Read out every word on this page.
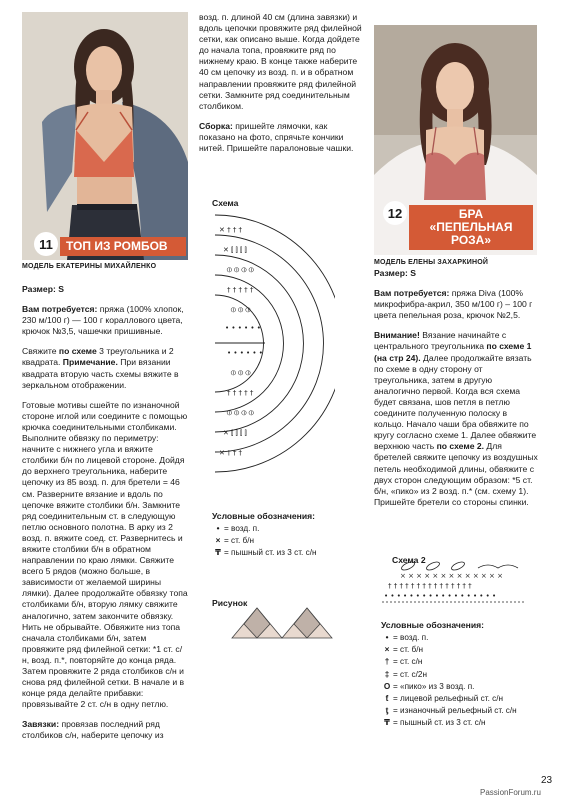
11	ТОП ИЗ РОМБОВ
МОДЕЛЬ ЕКАТЕРИНЫ МИХАЙЛЕНКО

Размер: S

Вам потребуется: пряжа (100% хлопок, 230 м/100 г) — 100 г кораллового цвета, крючок №3,5, чашечки пришивные.

Свяжите по схеме 3 треугольника и 2 квадрата. Примечание. При вязании квадрата вторую часть схемы вяжите в зеркальном отображении.

Готовые мотивы сшейте по изнаночной стороне иглой или соедините с помощью крючка соединительными столбиками. Выполните обвязку по периметру: начните с нижнего угла и вяжите столбики б/н по лицевой стороне. Дойдя до верхнего треугольника, наберите цепочку из 85 возд. п. для бретели = 46 см. Разверните вязание и вдоль по цепочке вяжите столбики б/н. Замкните ряд соединительным ст. в следующую петлю основного полотна. В арку из 2 возд. п. вяжите соед. ст. Развернитесь и вяжите столбики б/н в обратном направлении по краю лямки. Свяжите всего 5 рядов (можно больше, в зависимости от желаемой ширины лямки). Далее продолжайте обвязку топа столбиками б/н, вторую лямку свяжите аналогично, затем закончите обвязку. Нить не обрывайте. Обвяжите низ топа сначала столбиками б/н, затем провяжите ряд филейной сетки: *1 ст. с/н, возд. п.*, повторяйте до конца ряда. Затем провяжите 2 ряда столбиков с/н и снова ряд филейной сетки. В начале и в конце ряда делайте прибавки: провязывайте 2 ст. с/н в одну петлю.

Завязки: провязав последний ряд столбиков с/н, наберите цепочку из

возд. п. длиной 40 см (длина завязки) и вдоль цепочки провяжите ряд филейной сетки, как описано выше. Когда дойдете до начала топа, провяжите ряд по нижнему краю. В конце также наберите 40 см цепочку из возд. п. и в обратном направлении провяжите ряд филейной сетки. Замкните ряд соединительным столбиком.

Сборка: пришейте лямочки, как показано на фото, спрячьте кончики нитей. Пришейте паралоновые чашки.

Схема
✕ † † †
✕ ⫿ ⫿ ⫿ ⫿
⦶ ⦶ ⦶ ⦶
† † † † †
⦶ ⦶ ⦶
• • • • • •
• • • • • •
⦶ ⦶ ⦶
† † † † †
⦶ ⦶ ⦶ ⦶
✕ ⫿ ⫿ ⫿ ⫿
✕ † † †
Условные обозначения:
• = возд. п.
× = ст. б/н
₸ = пышный ст. из 3 ст. с/н
Рисунок
12	БРА
«ПЕПЕЛЬНАЯ РОЗА»
МОДЕЛЬ ЕЛЕНЫ ЗАХАРКИНОЙ

Размер: S

Вам потребуется: пряжа Diva (100% микрофибра-акрил, 350 м/100 г) – 100 г цвета пепельная роза, крючок №2,5.

Внимание! Вязание начинайте с центрального треугольника по схеме 1 (на стр 24). Далее продолжайте вязать по схеме в одну сторону от треугольника, затем в другую аналогично первой. Когда вся схема будет связана, шов петля в петлю соедините полученную полоску в кольцо. Начало чаши бра обвяжите по кругу согласно схеме 1. Далее обвяжите верхнюю часть по схеме 2. Для бретелей свяжите цепочку из воздушных петель необходимой длины, обвяжите с двух сторон следующим образом: *5 ст. б/н, «пико» из 2 возд. п.* (см. схему 1). Пришейте бретели со стороны спинки.

Схема 2
× × × × × × × × × × × × ×
† † † † † † † † † † † † † † †
• • • • • • • • • • • • • • • • • •
Условные обозначения:
• = возд. п.
× = ст. б/н
† = ст. с/н
‡ = ст. с/2н
O = «пико» из 3 возд. п.
ƭ = лицевой рельефный ст. с/н
ƫ = изнаночный рельефный ст. с/н
₸ = пышный ст. из 3 ст. с/н
23
PassionForum.ru
